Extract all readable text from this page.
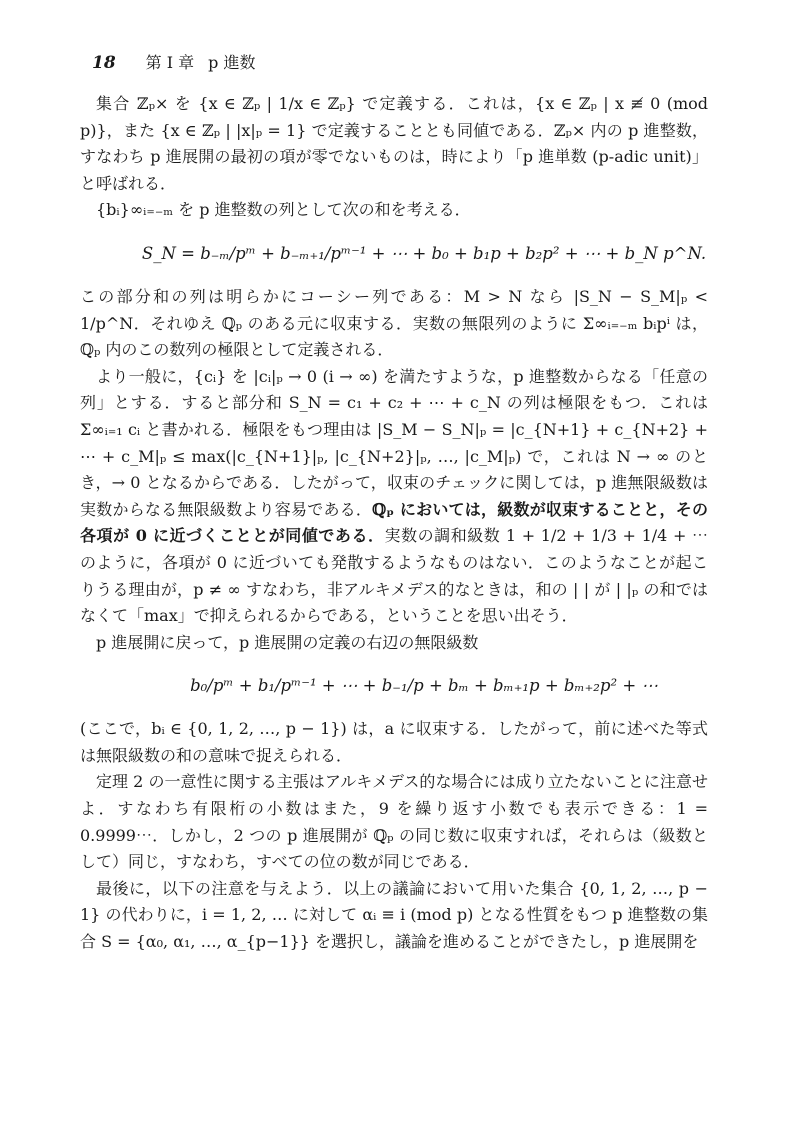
18 第 I 章 p 進数

集合 ℤₚ× を {x ∈ ℤₚ | 1/x ∈ ℤₚ} で定義する．これは，{x ∈ ℤₚ | x ≢ 0 (mod p)}，また {x ∈ ℤₚ | |x|ₚ = 1} で定義することとも同値である．ℤₚ× 内の p 進整数，すなわち p 進展開の最初の項が零でないものは，時により「p 進単数 (p-adic unit)」と呼ばれる．

{bᵢ}∞ᵢ₌₋ₘ を p 進整数の列として次の和を考える．

S_N = b₋ₘ/pᵐ + b₋ₘ₊₁/pᵐ⁻¹ + ⋯ + b₀ + b₁p + b₂p² + ⋯ + b_N p^N.

この部分和の列は明らかにコーシー列である：M > N なら |S_N − S_M|ₚ < 1/p^N．それゆえ ℚₚ のある元に収束する．実数の無限列のように Σ∞ᵢ₌₋ₘ bᵢpⁱ は，ℚₚ 内のこの数列の極限として定義される．

より一般に，{cᵢ} を |cᵢ|ₚ → 0 (i → ∞) を満たすような，p 進整数からなる「任意の列」とする．すると部分和 S_N = c₁ + c₂ + ⋯ + c_N の列は極限をもつ．これは Σ∞ᵢ₌₁ cᵢ と書かれる．極限をもつ理由は |S_M − S_N|ₚ = |c_{N+1} + c_{N+2} + ⋯ + c_M|ₚ ≤ max(|c_{N+1}|ₚ, |c_{N+2}|ₚ, …, |c_M|ₚ) で，これは N → ∞ のとき，→ 0 となるからである．したがって，収束のチェックに関しては，p 進無限級数は実数からなる無限級数より容易である．ℚₚ においては，級数が収束することと，その各項が 0 に近づくこととが同値である．実数の調和級数 1 + 1/2 + 1/3 + 1/4 + ⋯ のように，各項が 0 に近づいても発散するようなものはない．このようなことが起こりうる理由が，p ≠ ∞ すなわち，非アルキメデス的なときは，和の | | が | |ₚ の和ではなくて「max」で抑えられるからである，ということを思い出そう．

p 進展開に戻って，p 進展開の定義の右辺の無限級数

b₀/pᵐ + b₁/pᵐ⁻¹ + ⋯ + b₋₁/p + bₘ + bₘ₊₁p + bₘ₊₂p² + ⋯

(ここで，bᵢ ∈ {0, 1, 2, …, p − 1}) は，a に収束する．したがって，前に述べた等式は無限級数の和の意味で捉えられる．

定理 2 の一意性に関する主張はアルキメデス的な場合には成り立たないことに注意せよ．すなわち有限桁の小数はまた，9 を繰り返す小数でも表示できる：1 = 0.9999⋯．しかし，2 つの p 進展開が ℚₚ の同じ数に収束すれば，それらは（級数として）同じ，すなわち，すべての位の数が同じである．

最後に，以下の注意を与えよう．以上の議論において用いた集合 {0, 1, 2, …, p − 1} の代わりに，i = 1, 2, … に対して αᵢ ≡ i (mod p) となる性質をもつ p 進整数の集合 S = {α₀, α₁, …, α_{p−1}} を選択し，議論を進めることができたし，p 進展開を
